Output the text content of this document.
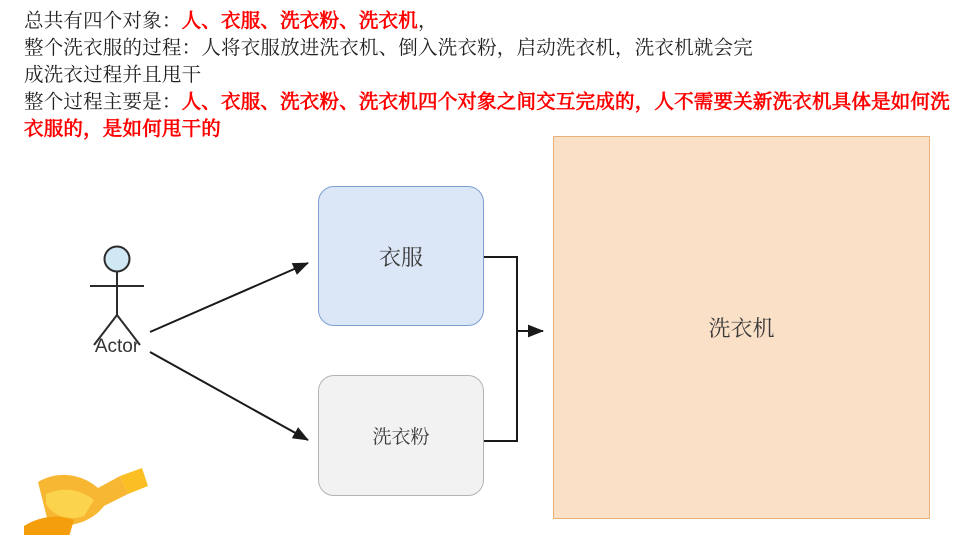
总共有四个对象：人、衣服、洗衣粉、洗衣机，
整个洗衣服的过程：人将衣服放进洗衣机、倒入洗衣粉，启动洗衣机，洗衣机就会完
成洗衣过程并且甩干
整个过程主要是：人、衣服、洗衣粉、洗衣机四个对象之间交互完成的，人不需要关新洗衣机具体是如何洗衣服的，是如何甩干的
洗衣机
衣服
洗衣粉
Actor
